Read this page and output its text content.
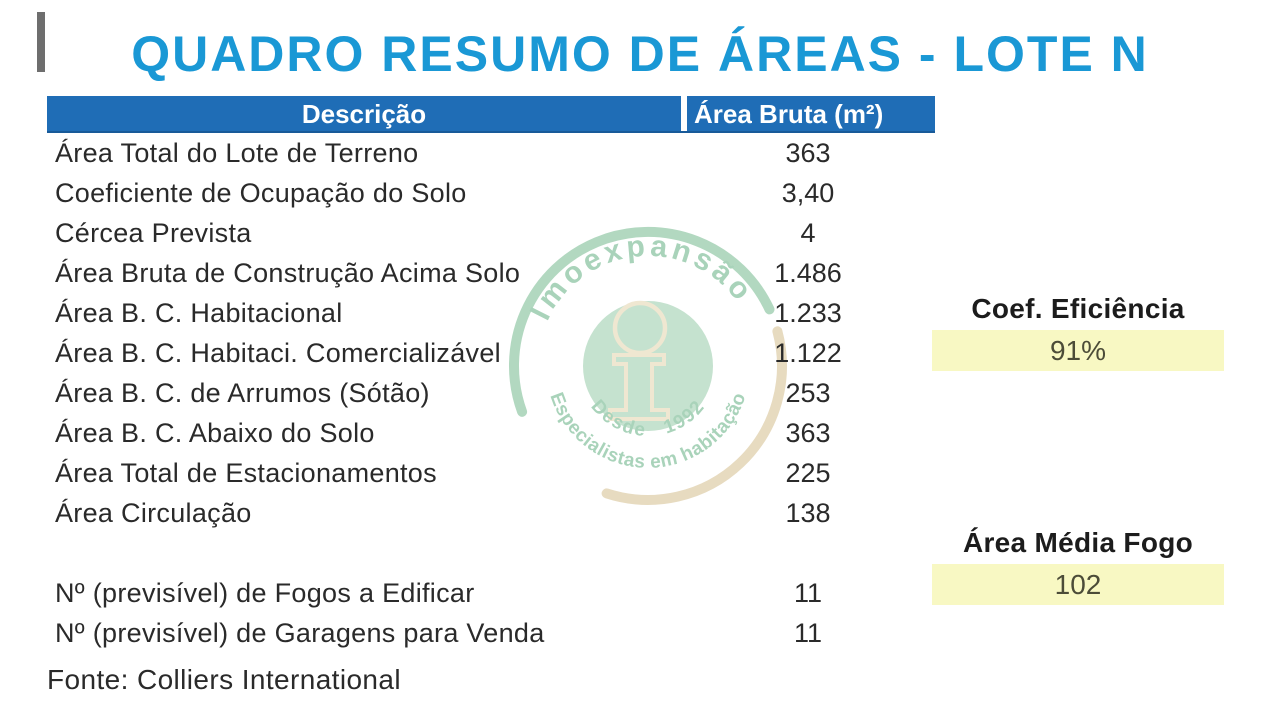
QUADRO RESUMO DE ÁREAS - LOTE N
Imoexpansão
Desde 1992
Especialistas em habitação
Descrição	Área Bruta (m²)
Área Total do Lote de Terreno	363
Coeficiente de Ocupação do Solo	3,40
Cércea Prevista	4
Área Bruta de Construção Acima Solo	1.486
Área B. C. Habitacional	1.233
Área B. C. Habitaci. Comercializável	1.122
Área B. C. de Arrumos (Sótão)	253
Área B. C. Abaixo do Solo	363
Área Total de Estacionamentos	225
Área Circulação	138
Nº (previsível) de Fogos a Edificar	11
Nº (previsível) de Garagens para Venda	11
Coef. Eficiência
91%
Área Média Fogo
102
Fonte: Colliers International
